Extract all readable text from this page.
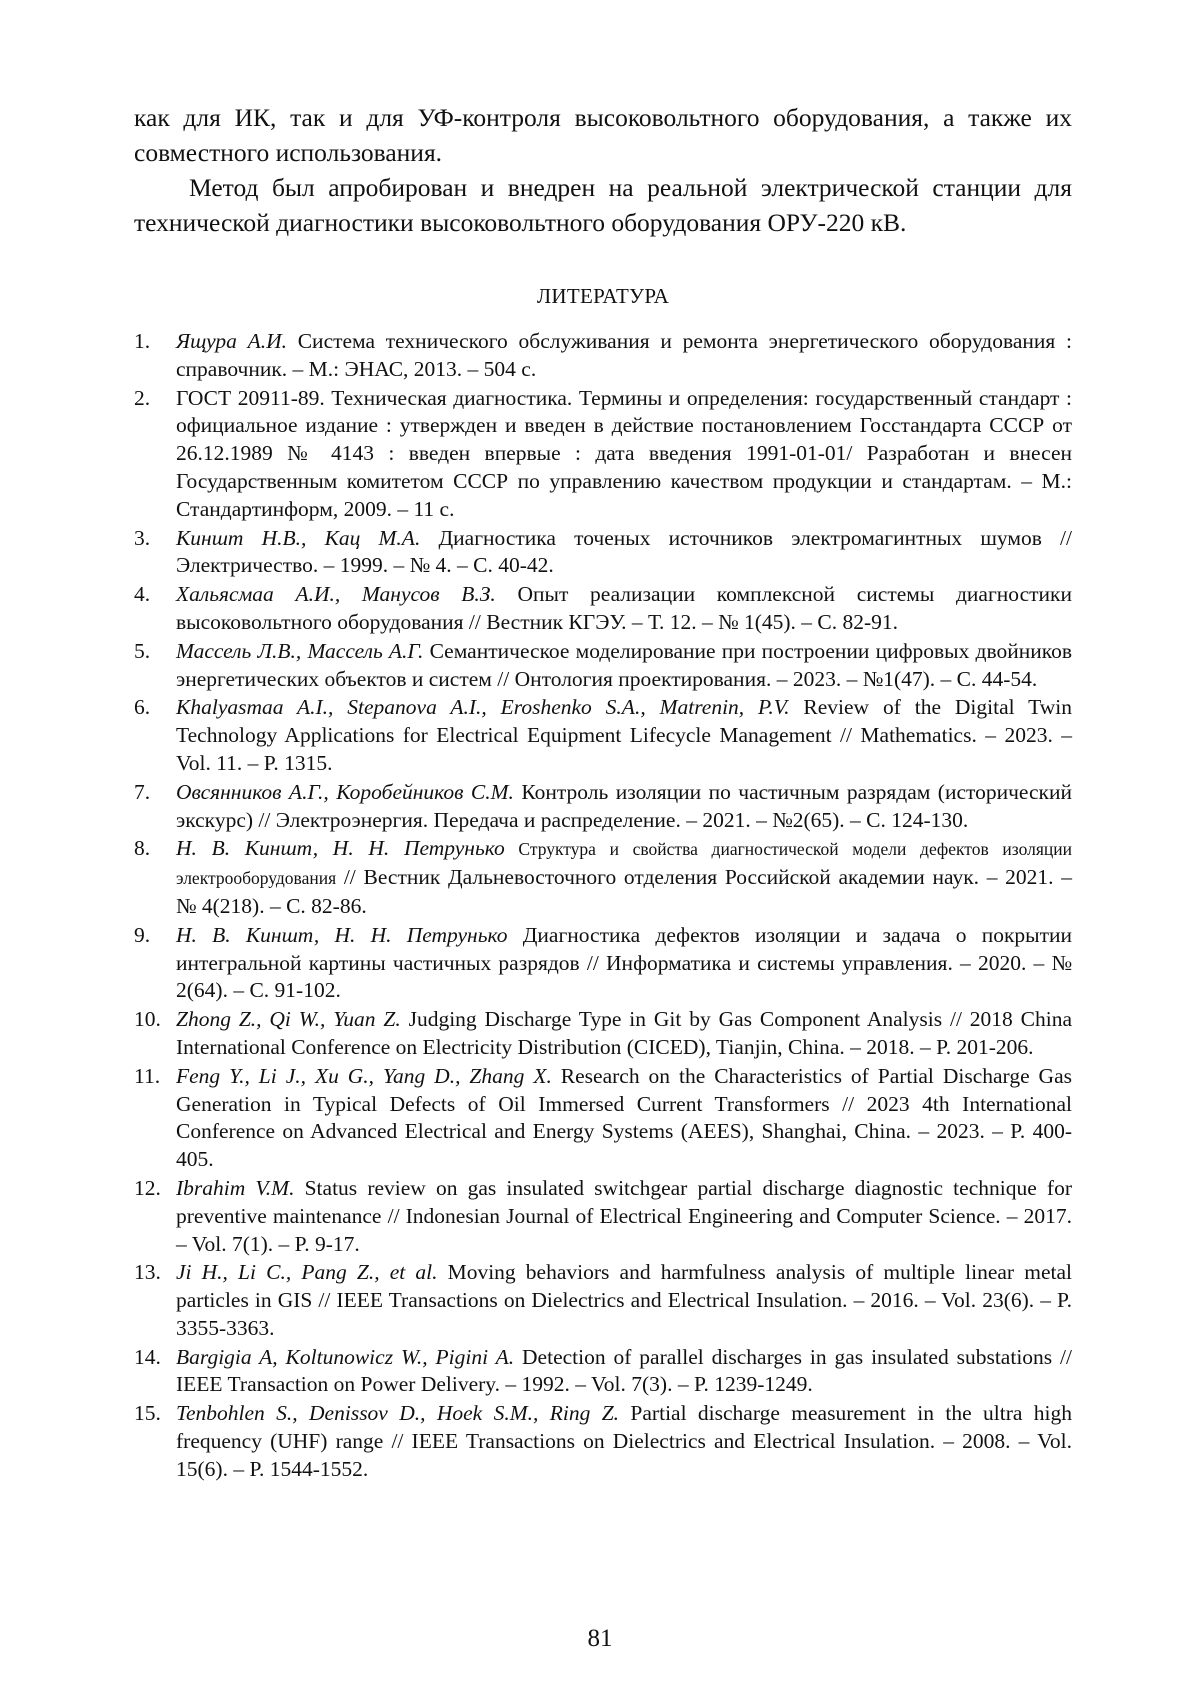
как для ИК, так и для УФ-контроля высоковольтного оборудования, а также их совместного использования.

Метод был апробирован и внедрен на реальной электрической станции для технической диагностики высоковольтного оборудования ОРУ-220 кВ.

ЛИТЕРАТУРА
1. Ящура А.И. Система технического обслуживания и ремонта энергетического оборудования : справочник. – М.: ЭНАС, 2013. – 504 с.
2. ГОСТ 20911-89. Техническая диагностика. Термины и определения: государственный стандарт : официальное издание : утвержден и введен в действие постановлением Госстандарта СССР от 26.12.1989 № 4143 : введен впервые : дата введения 1991-01-01/ Разработан и внесен Государственным комитетом СССР по управлению качеством продукции и стандартам. – М.: Стандартинформ, 2009. – 11 с.
3. Киншт Н.В., Кац М.А. Диагностика точеных источников электромагинтных шумов // Электричество. – 1999. – № 4. – С. 40-42.
4. Хальясмаа А.И., Манусов В.З. Опыт реализации комплексной системы диагностики высоковольтного оборудования // Вестник КГЭУ. – Т. 12. – № 1(45). – С. 82-91.
5. Массель Л.В., Массель А.Г. Семантическое моделирование при построении цифровых двойников энергетических объектов и систем // Онтология проектирования. – 2023. – №1(47). – С. 44-54.
6. Khalyasmaa A.I., Stepanova A.I., Eroshenko S.A., Matrenin, P.V. Review of the Digital Twin Technology Applications for Electrical Equipment Lifecycle Management // Mathematics. – 2023. – Vol. 11. – P. 1315.
7. Овсянников А.Г., Коробейников С.М. Контроль изоляции по частичным разрядам (исторический экскурс) // Электроэнергия. Передача и распределение. – 2021. – №2(65). – С. 124-130.
8. Н. В. Киншт, Н. Н. Петрунько Структура и свойства диагностической модели дефектов изоляции электрооборудования // Вестник Дальневосточного отделения Российской академии наук. – 2021. – № 4(218). – С. 82-86.
9. Н. В. Киншт, Н. Н. Петрунько Диагностика дефектов изоляции и задача о покрытии интегральной картины частичных разрядов // Информатика и системы управления. – 2020. – № 2(64). – С. 91-102.
10. Zhong Z., Qi W., Yuan Z. Judging Discharge Type in Git by Gas Component Analysis // 2018 China International Conference on Electricity Distribution (CICED), Tianjin, China. – 2018. – P. 201-206.
11. Feng Y., Li J., Xu G., Yang D., Zhang X. Research on the Characteristics of Partial Discharge Gas Generation in Typical Defects of Oil Immersed Current Transformers // 2023 4th International Conference on Advanced Electrical and Energy Systems (AEES), Shanghai, China. – 2023. – P. 400-405.
12. Ibrahim V.M. Status review on gas insulated switchgear partial discharge diagnostic technique for preventive maintenance // Indonesian Journal of Electrical Engineering and Computer Science. – 2017. – Vol. 7(1). – P. 9-17.
13. Ji H., Li C., Pang Z., et al. Moving behaviors and harmfulness analysis of multiple linear metal particles in GIS // IEEE Transactions on Dielectrics and Electrical Insulation. – 2016. – Vol. 23(6). – P. 3355-3363.
14. Bargigia A, Koltunowicz W., Pigini A. Detection of parallel discharges in gas insulated substations // IEEE Transaction on Power Delivery. – 1992. – Vol. 7(3). – P. 1239-1249.
15. Tenbohlen S., Denissov D., Hoek S.M., Ring Z. Partial discharge measurement in the ultra high frequency (UHF) range // IEEE Transactions on Dielectrics and Electrical Insulation. – 2008. – Vol. 15(6). – P. 1544-1552.
81
